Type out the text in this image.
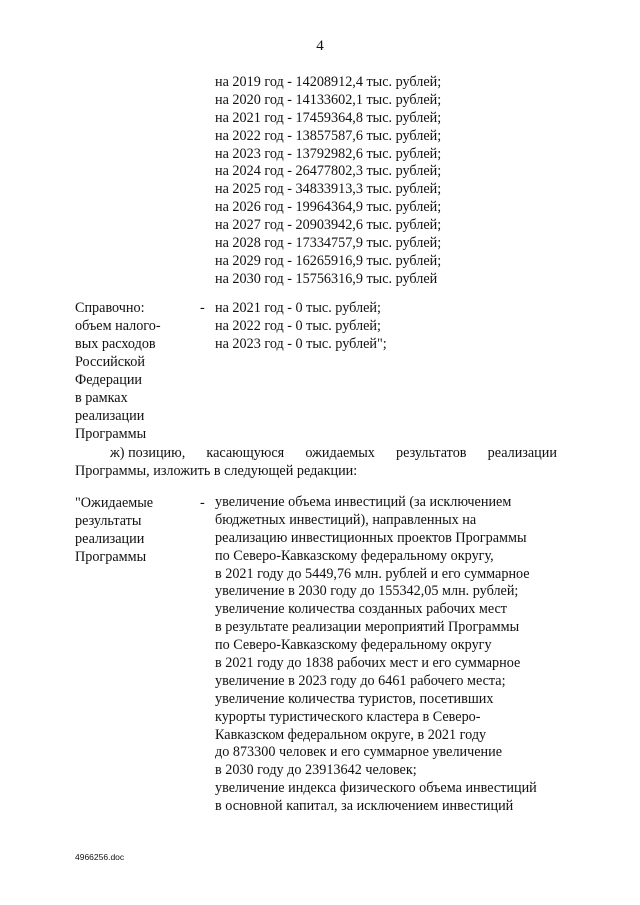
4
на 2019 год - 14208912,4 тыс. рублей;
на 2020 год - 14133602,1 тыс. рублей;
на 2021 год - 17459364,8 тыс. рублей;
на 2022 год - 13857587,6 тыс. рублей;
на 2023 год - 13792982,6 тыс. рублей;
на 2024 год - 26477802,3 тыс. рублей;
на 2025 год - 34833913,3 тыс. рублей;
на 2026 год - 19964364,9 тыс. рублей;
на 2027 год - 20903942,6 тыс. рублей;
на 2028 год - 17334757,9 тыс. рублей;
на 2029 год - 16265916,9 тыс. рублей;
на 2030 год - 15756316,9 тыс. рублей
Справочно:
объем налого-
вых расходов
Российской
Федерации
в рамках
реализации
Программы
- на 2021 год - 0 тыс. рублей;
на 2022 год - 0 тыс. рублей;
на 2023 год - 0 тыс. рублей";
ж) позицию, касающуюся ожидаемых результатов реализации
Программы, изложить в следующей редакции:
"Ожидаемые
результаты
реализации
Программы
- увеличение объема инвестиций (за исключением
бюджетных инвестиций), направленных на
реализацию инвестиционных проектов Программы
по Северо-Кавказскому федеральному округу,
в 2021 году до 5449,76 млн. рублей и его суммарное
увеличение в 2030 году до 155342,05 млн. рублей;
увеличение количества созданных рабочих мест
в результате реализации мероприятий Программы
по Северо-Кавказскому федеральному округу
в 2021 году до 1838 рабочих мест и его суммарное
увеличение в 2023 году до 6461 рабочего места;
увеличение количества туристов, посетивших
курорты туристического кластера в Северо-
Кавказском федеральном округе, в 2021 году
до 873300 человек и его суммарное увеличение
в 2030 году до 23913642 человек;
увеличение индекса физического объема инвестиций
в основной капитал, за исключением инвестиций
4966256.doc
